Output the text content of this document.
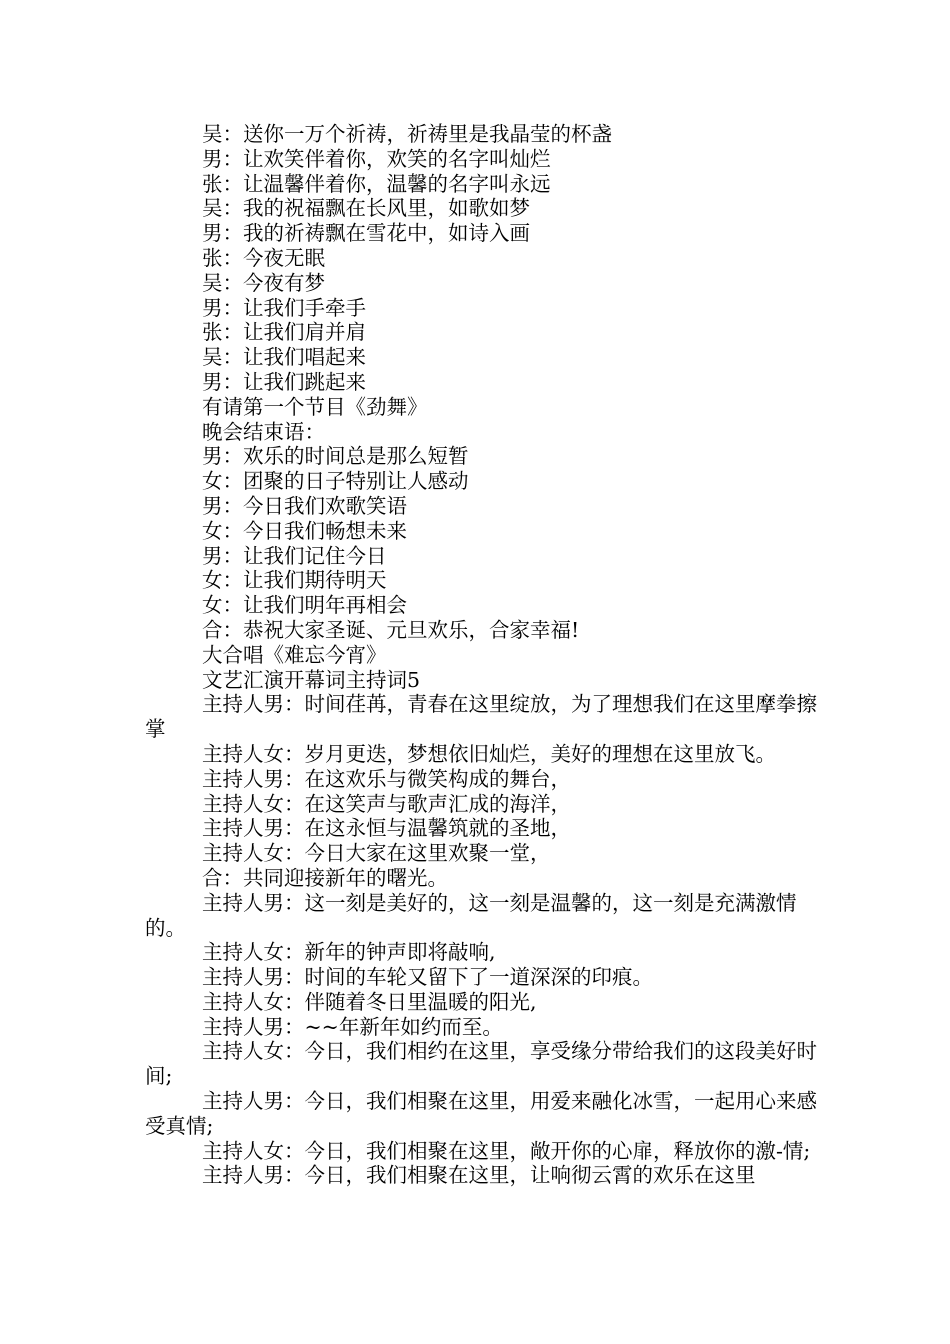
吴：送你一万个祈祷，祈祷里是我晶莹的杯盏

男：让欢笑伴着你，欢笑的名字叫灿烂

张：让温馨伴着你，温馨的名字叫永远

吴：我的祝福飘在长风里，如歌如梦

男：我的祈祷飘在雪花中，如诗入画

张：今夜无眠

吴：今夜有梦

男：让我们手牵手

张：让我们肩并肩

吴：让我们唱起来

男：让我们跳起来

有请第一个节目《劲舞》

晚会结束语：

男：欢乐的时间总是那么短暂

女：团聚的日子特别让人感动

男：今日我们欢歌笑语

女：今日我们畅想未来

男：让我们记住今日

女：让我们期待明天

女：让我们明年再相会

合：恭祝大家圣诞、元旦欢乐，合家幸福!

大合唱《难忘今宵》

文艺汇演开幕词主持词5

主持人男：时间荏苒，青春在这里绽放，为了理想我们在这里摩拳擦掌

主持人女：岁月更迭，梦想依旧灿烂，美好的理想在这里放飞。

主持人男：在这欢乐与微笑构成的舞台，

主持人女：在这笑声与歌声汇成的海洋，

主持人男：在这永恒与温馨筑就的圣地，

主持人女：今日大家在这里欢聚一堂，

合：共同迎接新年的曙光。

主持人男：这一刻是美好的，这一刻是温馨的，这一刻是充满激情的。

主持人女：新年的钟声即将敲响,

主持人男：时间的车轮又留下了一道深深的印痕。

主持人女：伴随着冬日里温暖的阳光,

主持人男：~~年新年如约而至。

主持人女：今日，我们相约在这里，享受缘分带给我们的这段美好时间;

主持人男：今日，我们相聚在这里，用爱来融化冰雪，一起用心来感受真情;

主持人女：今日，我们相聚在这里，敞开你的心扉，释放你的激-情;

主持人男：今日，我们相聚在这里，让响彻云霄的欢乐在这里
